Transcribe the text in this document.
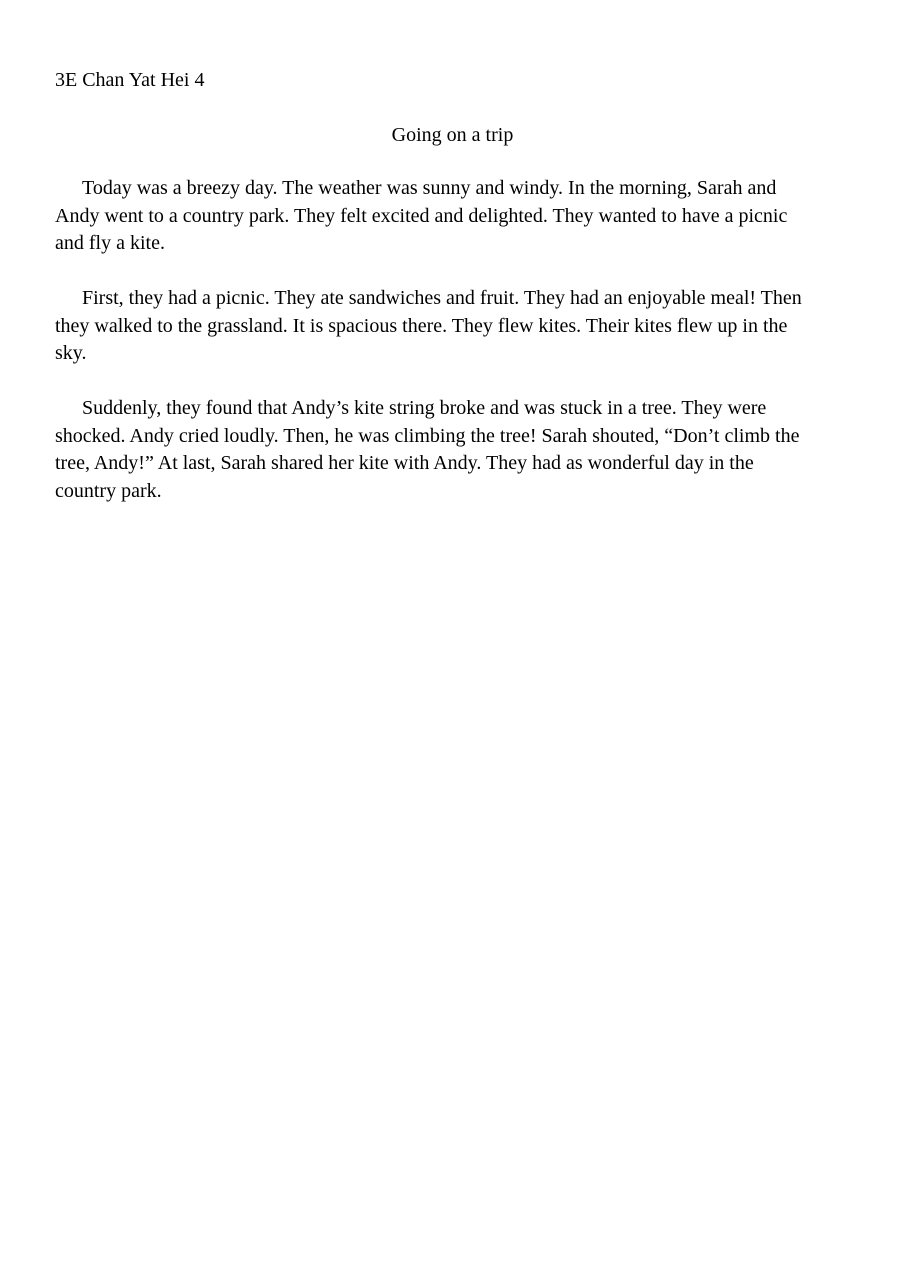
3E Chan Yat Hei 4
Going on a trip
Today was a breezy day. The weather was sunny and windy. In the morning, Sarah and
Andy went to a country park. They felt excited and delighted. They wanted to have a picnic
and fly a kite.
First, they had a picnic. They ate sandwiches and fruit. They had an enjoyable meal! Then
they walked to the grassland. It is spacious there. They flew kites. Their kites flew up in the
sky.
Suddenly, they found that Andy’s kite string broke and was stuck in a tree. They were
shocked. Andy cried loudly. Then, he was climbing the tree! Sarah shouted, “Don’t climb the
tree, Andy!” At last, Sarah shared her kite with Andy. They had as wonderful day in the
country park.
